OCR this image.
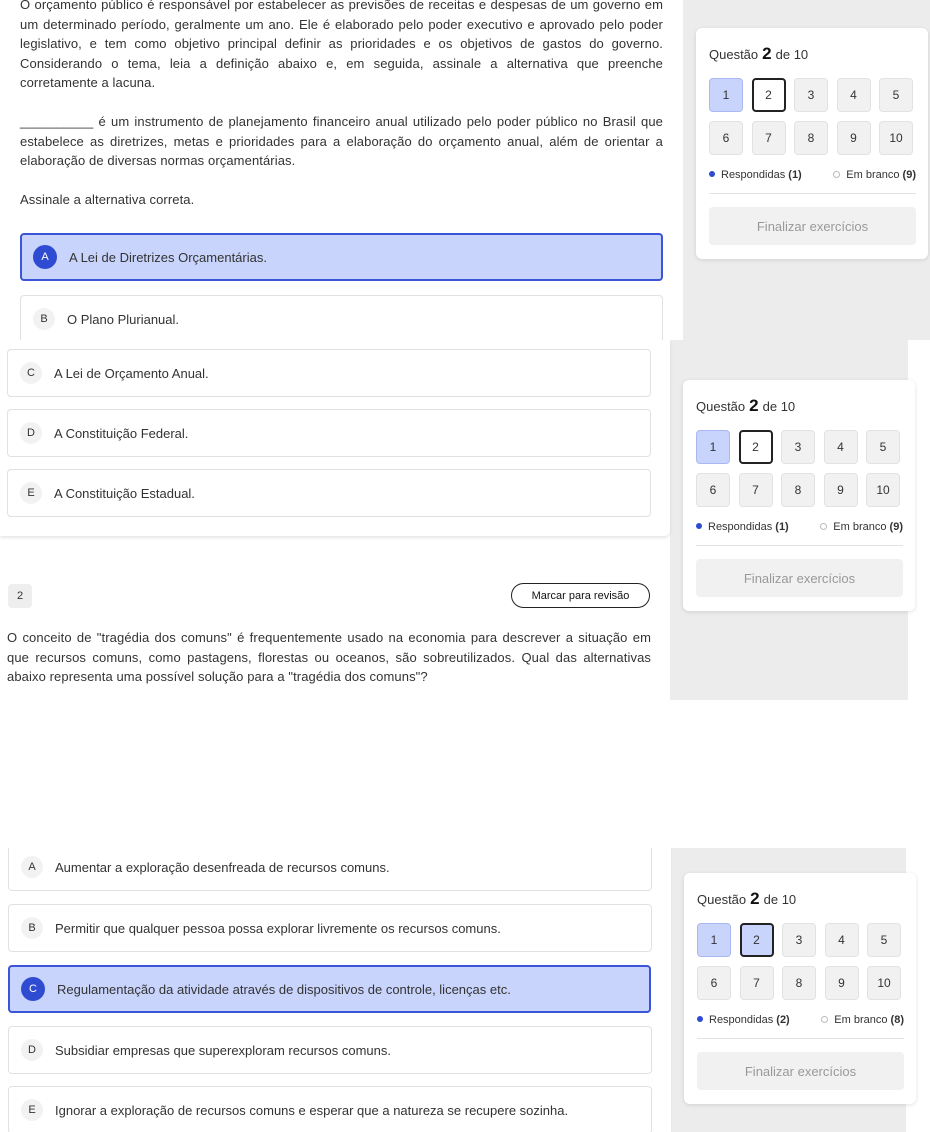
O orçamento público é responsável por estabelecer as previsões de receitas e despesas de um governo em um determinado período, geralmente um ano. Ele é elaborado pelo poder executivo e aprovado pelo poder legislativo, e tem como objetivo principal definir as prioridades e os objetivos de gastos do governo. Considerando o tema, leia a definição abaixo e, em seguida, assinale a alternativa que preenche corretamente a lacuna.

__________ é um instrumento de planejamento financeiro anual utilizado pelo poder público no Brasil que estabelece as diretrizes, metas e prioridades para a elaboração do orçamento anual, além de orientar a elaboração de diversas normas orçamentárias.

Assinale a alternativa correta.

A	A Lei de Diretrizes Orçamentárias.
B	O Plano Plurianual.
Questão 2 de 10
1	2	3	4	5
6	7	8	9	10
Respondidas (1)	Em branco (9)
Finalizar exercícios
C	A Lei de Orçamento Anual.
D	A Constituição Federal.
E	A Constituição Estadual.
2	Marcar para revisão
O conceito de "tragédia dos comuns" é frequentemente usado na economia para descrever a situação em que recursos comuns, como pastagens, florestas ou oceanos, são sobreutilizados. Qual das alternativas abaixo representa uma possível solução para a "tragédia dos comuns"?
Questão 2 de 10
1	2	3	4	5
6	7	8	9	10
Respondidas (1)	Em branco (9)
Finalizar exercícios
A	Aumentar a exploração desenfreada de recursos comuns.
B	Permitir que qualquer pessoa possa explorar livremente os recursos comuns.
C	Regulamentação da atividade através de dispositivos de controle, licenças etc.
D	Subsidiar empresas que superexploram recursos comuns.
E	Ignorar a exploração de recursos comuns e esperar que a natureza se recupere sozinha.
Questão 2 de 10
1	2	3	4	5
6	7	8	9	10
Respondidas (2)	Em branco (8)
Finalizar exercícios
